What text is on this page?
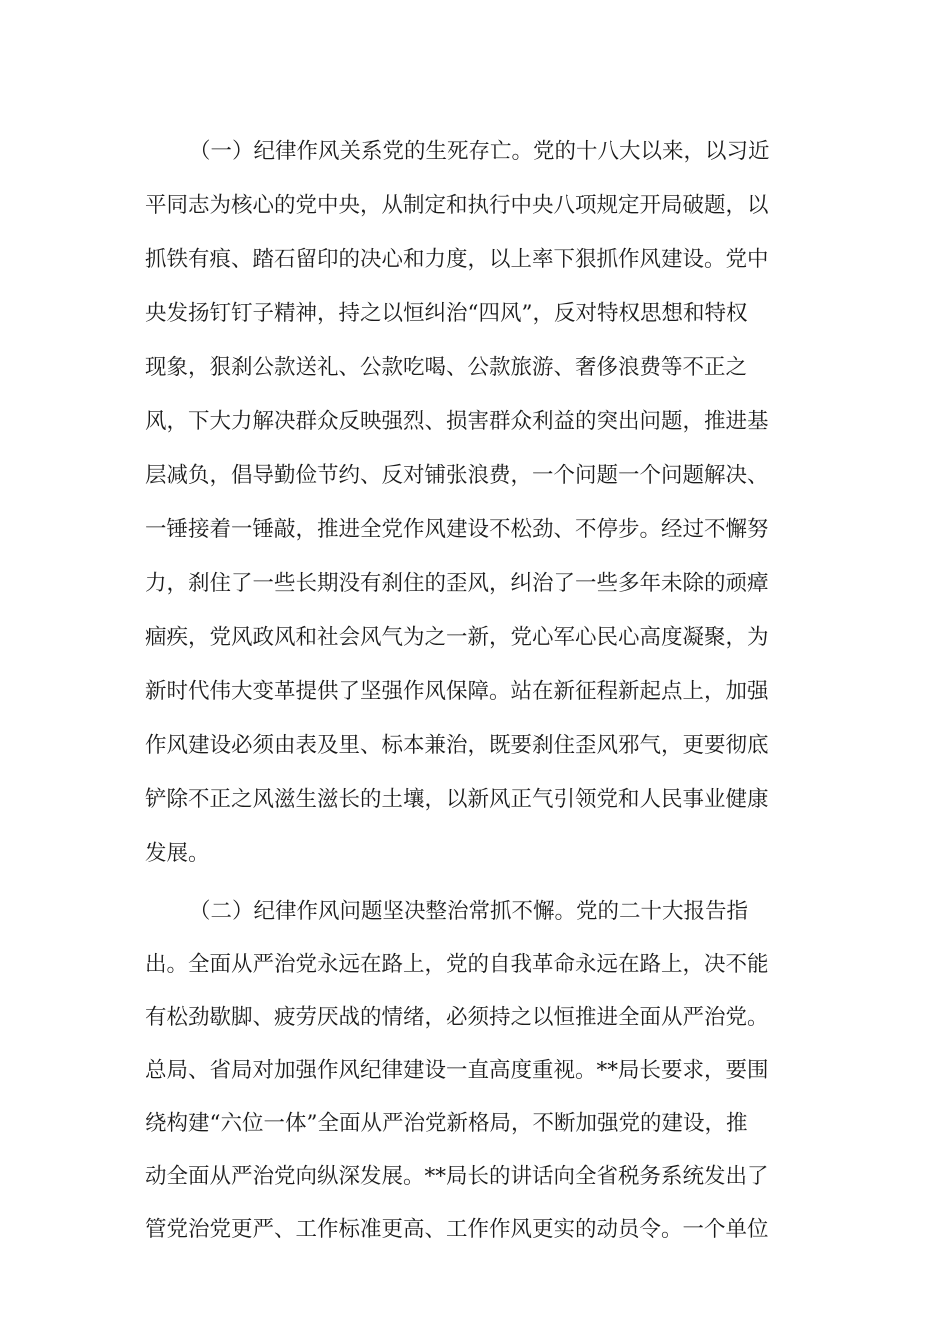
（一）纪律作风关系党的生死存亡。党的十八大以来，以习近
平同志为核心的党中央，从制定和执行中央八项规定开局破题，以
抓铁有痕、踏石留印的决心和力度，以上率下狠抓作风建设。党中
央发扬钉钉子精神，持之以恒纠治“四风”，反对特权思想和特权
现象，狠刹公款送礼、公款吃喝、公款旅游、奢侈浪费等不正之
风，下大力解决群众反映强烈、损害群众利益的突出问题，推进基
层减负，倡导勤俭节约、反对铺张浪费，一个问题一个问题解决、
一锤接着一锤敲，推进全党作风建设不松劲、不停步。经过不懈努
力，刹住了一些长期没有刹住的歪风，纠治了一些多年未除的顽瘴
痼疾，党风政风和社会风气为之一新，党心军心民心高度凝聚，为
新时代伟大变革提供了坚强作风保障。站在新征程新起点上，加强
作风建设必须由表及里、标本兼治，既要刹住歪风邪气，更要彻底
铲除不正之风滋生滋长的土壤，以新风正气引领党和人民事业健康
发展。
（二）纪律作风问题坚决整治常抓不懈。党的二十大报告指
出。全面从严治党永远在路上，党的自我革命永远在路上，决不能
有松劲歇脚、疲劳厌战的情绪，必须持之以恒推进全面从严治党。
总局、省局对加强作风纪律建设一直高度重视。**局长要求，要围
绕构建“六位一体”全面从严治党新格局，不断加强党的建设，推
动全面从严治党向纵深发展。**局长的讲话向全省税务系统发出了
管党治党更严、工作标准更高、工作作风更实的动员令。一个单位
